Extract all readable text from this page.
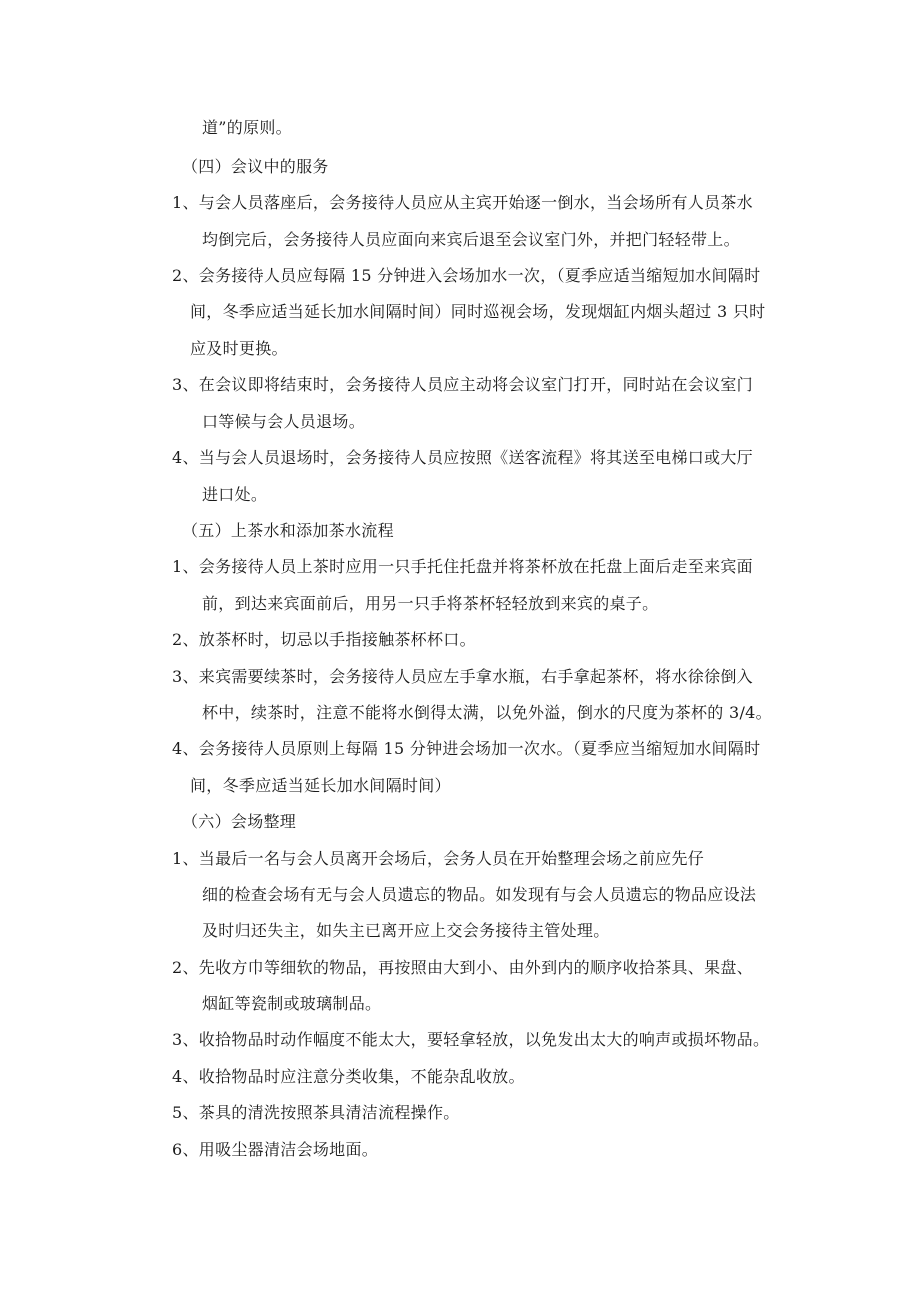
道”的原则。
（四）会议中的服务
1、与会人员落座后，会务接待人员应从主宾开始逐一倒水，当会场所有人员茶水
均倒完后，会务接待人员应面向来宾后退至会议室门外，并把门轻轻带上。
2、会务接待人员应每隔 15 分钟进入会场加水一次，（夏季应适当缩短加水间隔时
间，冬季应适当延长加水间隔时间）同时巡视会场，发现烟缸内烟头超过 3 只时
应及时更换。
3、在会议即将结束时，会务接待人员应主动将会议室门打开，同时站在会议室门
口等候与会人员退场。
4、当与会人员退场时，会务接待人员应按照《送客流程》将其送至电梯口或大厅
进口处。
（五）上茶水和添加茶水流程
1、会务接待人员上茶时应用一只手托住托盘并将茶杯放在托盘上面后走至来宾面
前，到达来宾面前后，用另一只手将茶杯轻轻放到来宾的桌子。
2、放茶杯时，切忌以手指接触茶杯杯口。
3、来宾需要续茶时，会务接待人员应左手拿水瓶，右手拿起茶杯，将水徐徐倒入
杯中，续茶时，注意不能将水倒得太满，以免外溢，倒水的尺度为茶杯的 3/4。
4、会务接待人员原则上每隔 15 分钟进会场加一次水。（夏季应当缩短加水间隔时
间，冬季应适当延长加水间隔时间）
（六）会场整理
1、当最后一名与会人员离开会场后，会务人员在开始整理会场之前应先仔
细的检查会场有无与会人员遗忘的物品。如发现有与会人员遗忘的物品应设法
及时归还失主，如失主已离开应上交会务接待主管处理。
2、先收方巾等细软的物品，再按照由大到小、由外到内的顺序收拾茶具、果盘、
烟缸等瓷制或玻璃制品。
3、收拾物品时动作幅度不能太大，要轻拿轻放，以免发出太大的响声或损坏物品。
4、收拾物品时应注意分类收集，不能杂乱收放。
5、茶具的清洗按照茶具清洁流程操作。
6、用吸尘器清洁会场地面。
